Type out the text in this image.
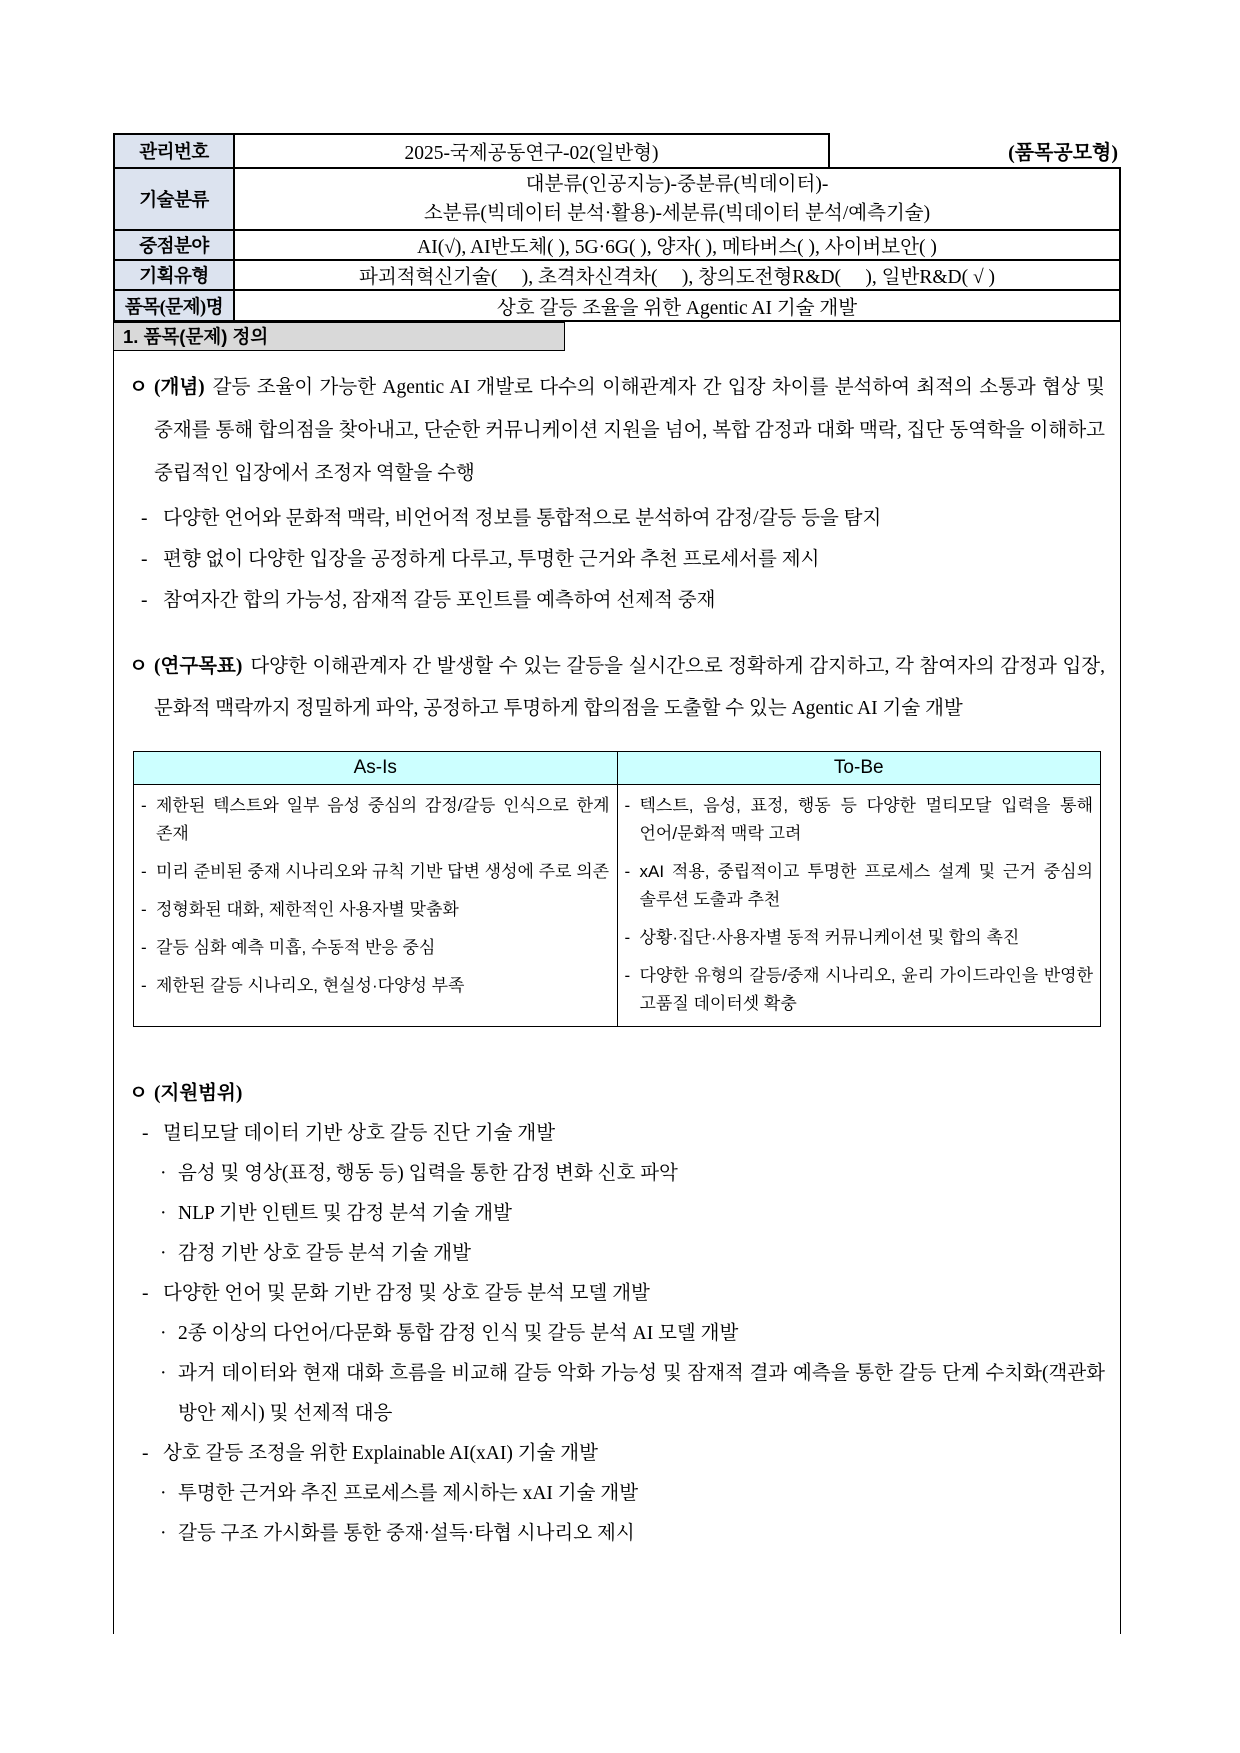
관리번호	2025-국제공동연구-02(일반형)	(품목공모형)
기술분류	대분류(인공지능)-중분류(빅데이터)-
소분류(빅데이터 분석·활용)-세분류(빅데이터 분석/예측기술)	

중점분야	AI(√), AI반도체( ), 5G·6G( ), 양자( ), 메타버스( ), 사이버보안( )	
기획유형	파괴적혁신기술(　 ), 초격차신격차(　 ), 창의도전형R&D(　 ), 일반R&D( √ )	
품목(문제)명	상호 갈등 조율을 위한 Agentic AI 기술 개발	
1. 품목(문제) 정의
ㅇ (개념) 갈등 조율이 가능한 Agentic AI 개발로 다수의 이해관계자 간 입장 차이를 분석하여 최적의 소통과 협상 및 중재를 통해 합의점을 찾아내고, 단순한 커뮤니케이션 지원을 넘어, 복합 감정과 대화 맥락, 집단 동역학을 이해하고 중립적인 입장에서 조정자 역할을 수행
- 다양한 언어와 문화적 맥락, 비언어적 정보를 통합적으로 분석하여 감정/갈등 등을 탐지
- 편향 없이 다양한 입장을 공정하게 다루고, 투명한 근거와 추천 프로세서를 제시
- 참여자간 합의 가능성, 잠재적 갈등 포인트를 예측하여 선제적 중재
ㅇ (연구목표) 다양한 이해관계자 간 발생할 수 있는 갈등을 실시간으로 정확하게 감지하고, 각 참여자의 감정과 입장, 문화적 맥락까지 정밀하게 파악, 공정하고 투명하게 합의점을 도출할 수 있는 Agentic AI 기술 개발
As-Is	To-Be

- 제한된 텍스트와 일부 음성 중심의 감정/갈등 인식으로 한계 존재
- 미리 준비된 중재 시나리오와 규칙 기반 답변 생성에 주로 의존
- 정형화된 대화, 제한적인 사용자별 맞춤화
- 갈등 심화 예측 미흡, 수동적 반응 중심
- 제한된 갈등 시나리오, 현실성·다양성 부족

- 텍스트, 음성, 표정, 행동 등 다양한 멀티모달 입력을 통해 언어/문화적 맥락 고려
- xAI 적용, 중립적이고 투명한 프로세스 설계 및 근거 중심의 솔루션 도출과 추천
- 상황·집단·사용자별 동적 커뮤니케이션 및 합의 촉진
- 다양한 유형의 갈등/중재 시나리오, 윤리 가이드라인을 반영한 고품질 데이터셋 확충
ㅇ (지원범위)
- 멀티모달 데이터 기반 상호 갈등 진단 기술 개발
· 음성 및 영상(표정, 행동 등) 입력을 통한 감정 변화 신호 파악
· NLP 기반 인텐트 및 감정 분석 기술 개발
· 감정 기반 상호 갈등 분석 기술 개발
- 다양한 언어 및 문화 기반 감정 및 상호 갈등 분석 모델 개발
· 2종 이상의 다언어/다문화 통합 감정 인식 및 갈등 분석 AI 모델 개발
· 과거 데이터와 현재 대화 흐름을 비교해 갈등 악화 가능성 및 잠재적 결과 예측을 통한 갈등 단계 수치화(객관화 방안 제시) 및 선제적 대응
- 상호 갈등 조정을 위한 Explainable AI(xAI) 기술 개발
· 투명한 근거와 추진 프로세스를 제시하는 xAI 기술 개발
· 갈등 구조 가시화를 통한 중재·설득·타협 시나리오 제시
